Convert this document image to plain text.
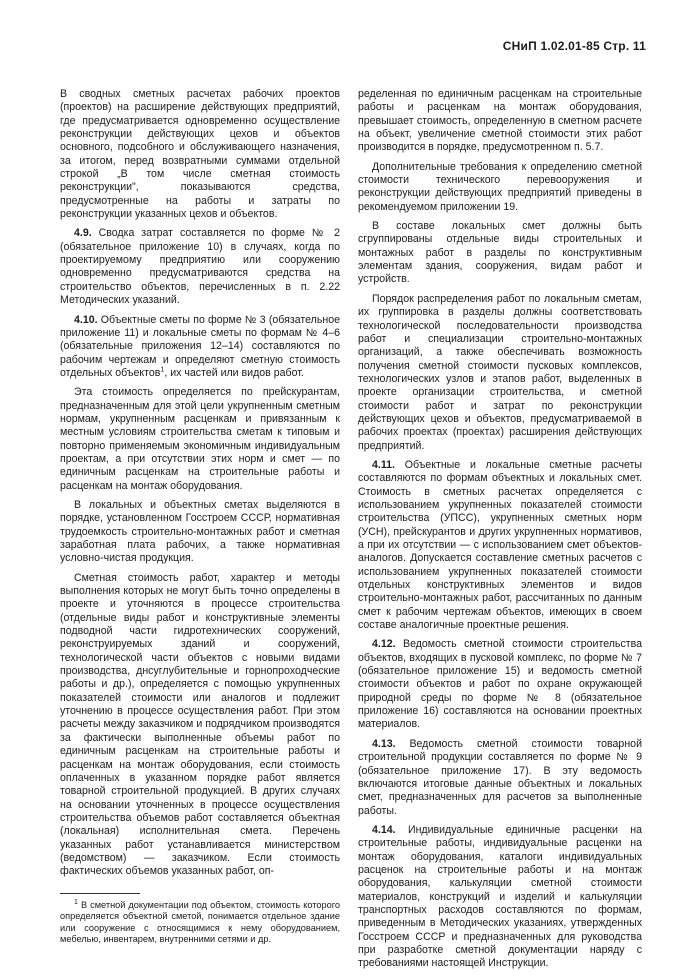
СНиП 1.02.01-85 Стр. 11

В сводных сметных расчетах рабочих проектов (проектов) на расширение действующих предприятий, где предусматривается одновременно осуществление реконструкции действующих цехов и объектов основного, подсобного и обслуживающего назначения, за итогом, перед возвратными суммами отдельной строкой „В том числе сметная стоимость реконструкции", показываются средства, предусмотренные на работы и затраты по реконструкции указанных цехов и объектов.

4.9. Сводка затрат составляется по форме № 2 (обязательное приложение 10) в случаях, когда по проектируемому предприятию или сооружению одновременно предусматриваются средства на строительство объектов, перечисленных в п. 2.22 Методических указаний.

4.10. Объектные сметы по форме № 3 (обязательное приложение 11) и локальные сметы по формам № 4–6 (обязательные приложения 12–14) составляются по рабочим чертежам и определяют сметную стоимость отдельных объектов$^1$, их частей или видов работ.

Эта стоимость определяется по прейскурантам, предназначенным для этой цели укрупненным сметным нормам, укрупненным расценкам и привязанным к местным условиям строительства сметам к типовым и повторно применяемым экономичным индивидуальным проектам, а при отсутствии этих норм и смет — по единичным расценкам на строительные работы и расценкам на монтаж оборудования.

В локальных и объектных сметах выделяются в порядке, установленном Госстроем СССР, нормативная трудоемкость строительно-монтажных работ и сметная заработная плата рабочих, а также нормативная условно-чистая продукция.

Сметная стоимость работ, характер и методы выполнения которых не могут быть точно определены в проекте и уточняются в процессе строительства (отдельные виды работ и конструктивные элементы подводной части гидротехнических сооружений, реконструируемых зданий и сооружений, технологической части объектов с новыми видами производства, днсуглубительные и горнопроходческие работы и др.), определяется с помощью укрупненных показателей стоимости или аналогов и подлежит уточнению в процессе осуществления работ. При этом расчеты между заказчиком и подрядчиком производятся за фактически выполненные объемы работ по единичным расценкам на строительные работы и расценкам на монтаж оборудования, если стоимость оплаченных в указанном порядке работ является товарной строительной продукцией. В других случаях на основании уточненных в процессе осуществления строительства объемов работ составляется объектная (локальная) исполнительная смета. Перечень указанных работ устанавливается министерством (ведомством) — заказчиком. Если стоимость фактических объемов указанных работ, оп-

$^1$ В сметной документации под объектом, стоимость которого определяется объектной сметой, понимается отдельное здание или сооружение с относящимися к нему оборудованием, мебелью, инвентарем, внутренними сетями и др.

ределенная по единичным расценкам на строительные работы и расценкам на монтаж оборудования, превышает стоимость, определенную в сметном расчете на объект, увеличение сметной стоимости этих работ производится в порядке, предусмотренном п. 5.7.

Дополнительные требования к определению сметной стоимости технического перевооружения и реконструкции действующих предприятий приведены в рекомендуемом приложении 19.

В составе локальных смет должны быть сгруппированы отдельные виды строительных и монтажных работ в разделы по конструктивным элементам здания, сооружения, видам работ и устройств.

Порядок распределения работ по локальным сметам, их группировка в разделы должны соответствовать технологической последовательности производства работ и специализации строительно-монтажных организаций, а также обеспечивать возможность получения сметной стоимости пусковых комплексов, технологических узлов и этапов работ, выделенных в проекте организации строительства, и сметной стоимости работ и затрат по реконструкции действующих цехов и объектов, предусматриваемой в рабочих проектах (проектах) расширения действующих предприятий.

4.11. Объектные и локальные сметные расчеты составляются по формам объектных и локальных смет. Стоимость в сметных расчетах определяется с использованием укрупненных показателей стоимости строительства (УПСС), укрупненных сметных норм (УСН), прейскурантов и других укрупненных нормативов, а при их отсутствии — с использованием смет объектов-аналогов. Допускается составление сметных расчетов с использованием укрупненных показателей стоимости отдельных конструктивных элементов и видов строительно-монтажных работ, рассчитанных по данным смет к рабочим чертежам объектов, имеющих в своем составе аналогичные проектные решения.

4.12. Ведомость сметной стоимости строительства объектов, входящих в пусковой комплекс, по форме № 7 (обязательное приложение 15) и ведомость сметной стоимости объектов и работ по охране окружающей природной среды по форме № 8 (обязательное приложение 16) составляются на основании проектных материалов.

4.13. Ведомость сметной стоимости товарной строительной продукции составляется по форме № 9 (обязательное приложение 17). В эту ведомость включаются итоговые данные объектных и локальных смет, предназначенных для расчетов за выполненные работы.

4.14. Индивидуальные единичные расценки на строительные работы, индивидуальные расценки на монтаж оборудования, каталоги индивидуальных расценок на строительные работы и на монтаж оборудования, калькуляции сметной стоимости материалов, конструкций и изделий и калькуляции транспортных расходов составляются по формам, приведенным в Методических указаниях, утвержденных Госстроем СССР и предназначенных для руководства при разработке сметной документации наряду с требованиями настоящей Инструкции.
